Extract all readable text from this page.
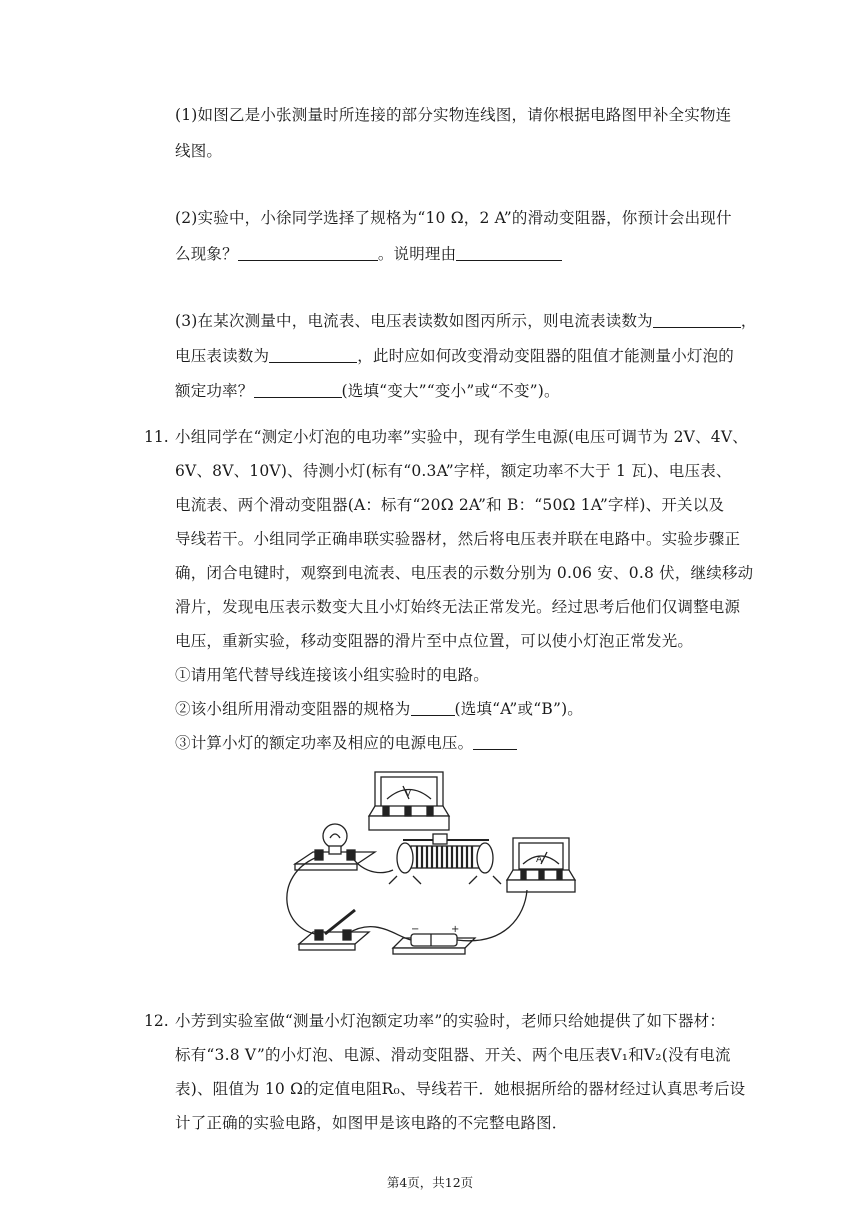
(1)如图乙是小张测量时所连接的部分实物连线图，请你根据电路图甲补全实物连
线图。
(2)实验中，小徐同学选择了规格为“10 Ω，2 A”的滑动变阻器，你预计会出现什
么现象？	。说明理由
(3)在某次测量中，电流表、电压表读数如图丙所示，则电流表读数为	，
电压表读数为	，此时应如何改变滑动变阻器的阻值才能测量小灯泡的
额定功率？	(选填“变大”“变小”或“不变”)。
11. 小组同学在“测定小灯泡的电功率”实验中，现有学生电源(电压可调节为 2V、4V、
6V、8V、10V)、待测小灯(标有“0.3A”字样，额定功率不大于 1 瓦)、电压表、
电流表、两个滑动变阻器(A：标有“20Ω 2A”和 B：“50Ω 1A”字样)、开关以及
导线若干。小组同学正确串联实验器材，然后将电压表并联在电路中。实验步骤正
确，闭合电键时，观察到电流表、电压表的示数分别为 0.06 安、0.8 伏，继续移动
滑片，发现电压表示数变大且小灯始终无法正常发光。经过思考后他们仅调整电源
电压，重新实验，移动变阻器的滑片至中点位置，可以使小灯泡正常发光。
①请用笔代替导线连接该小组实验时的电路。
②该小组所用滑动变阻器的规格为	(选填“A”或“B”)。
③计算小灯的额定功率及相应的电源电压。
V
A
−	+
12. 小芳到实验室做“测量小灯泡额定功率”的实验时，老师只给她提供了如下器材：
标有“3.8 V”的小灯泡、电源、滑动变阻器、开关、两个电压表V₁和V₂(没有电流
表)、阻值为 10 Ω的定值电阻R₀、导线若干．她根据所给的器材经过认真思考后设
计了正确的实验电路，如图甲是该电路的不完整电路图．
第4页，共12页
